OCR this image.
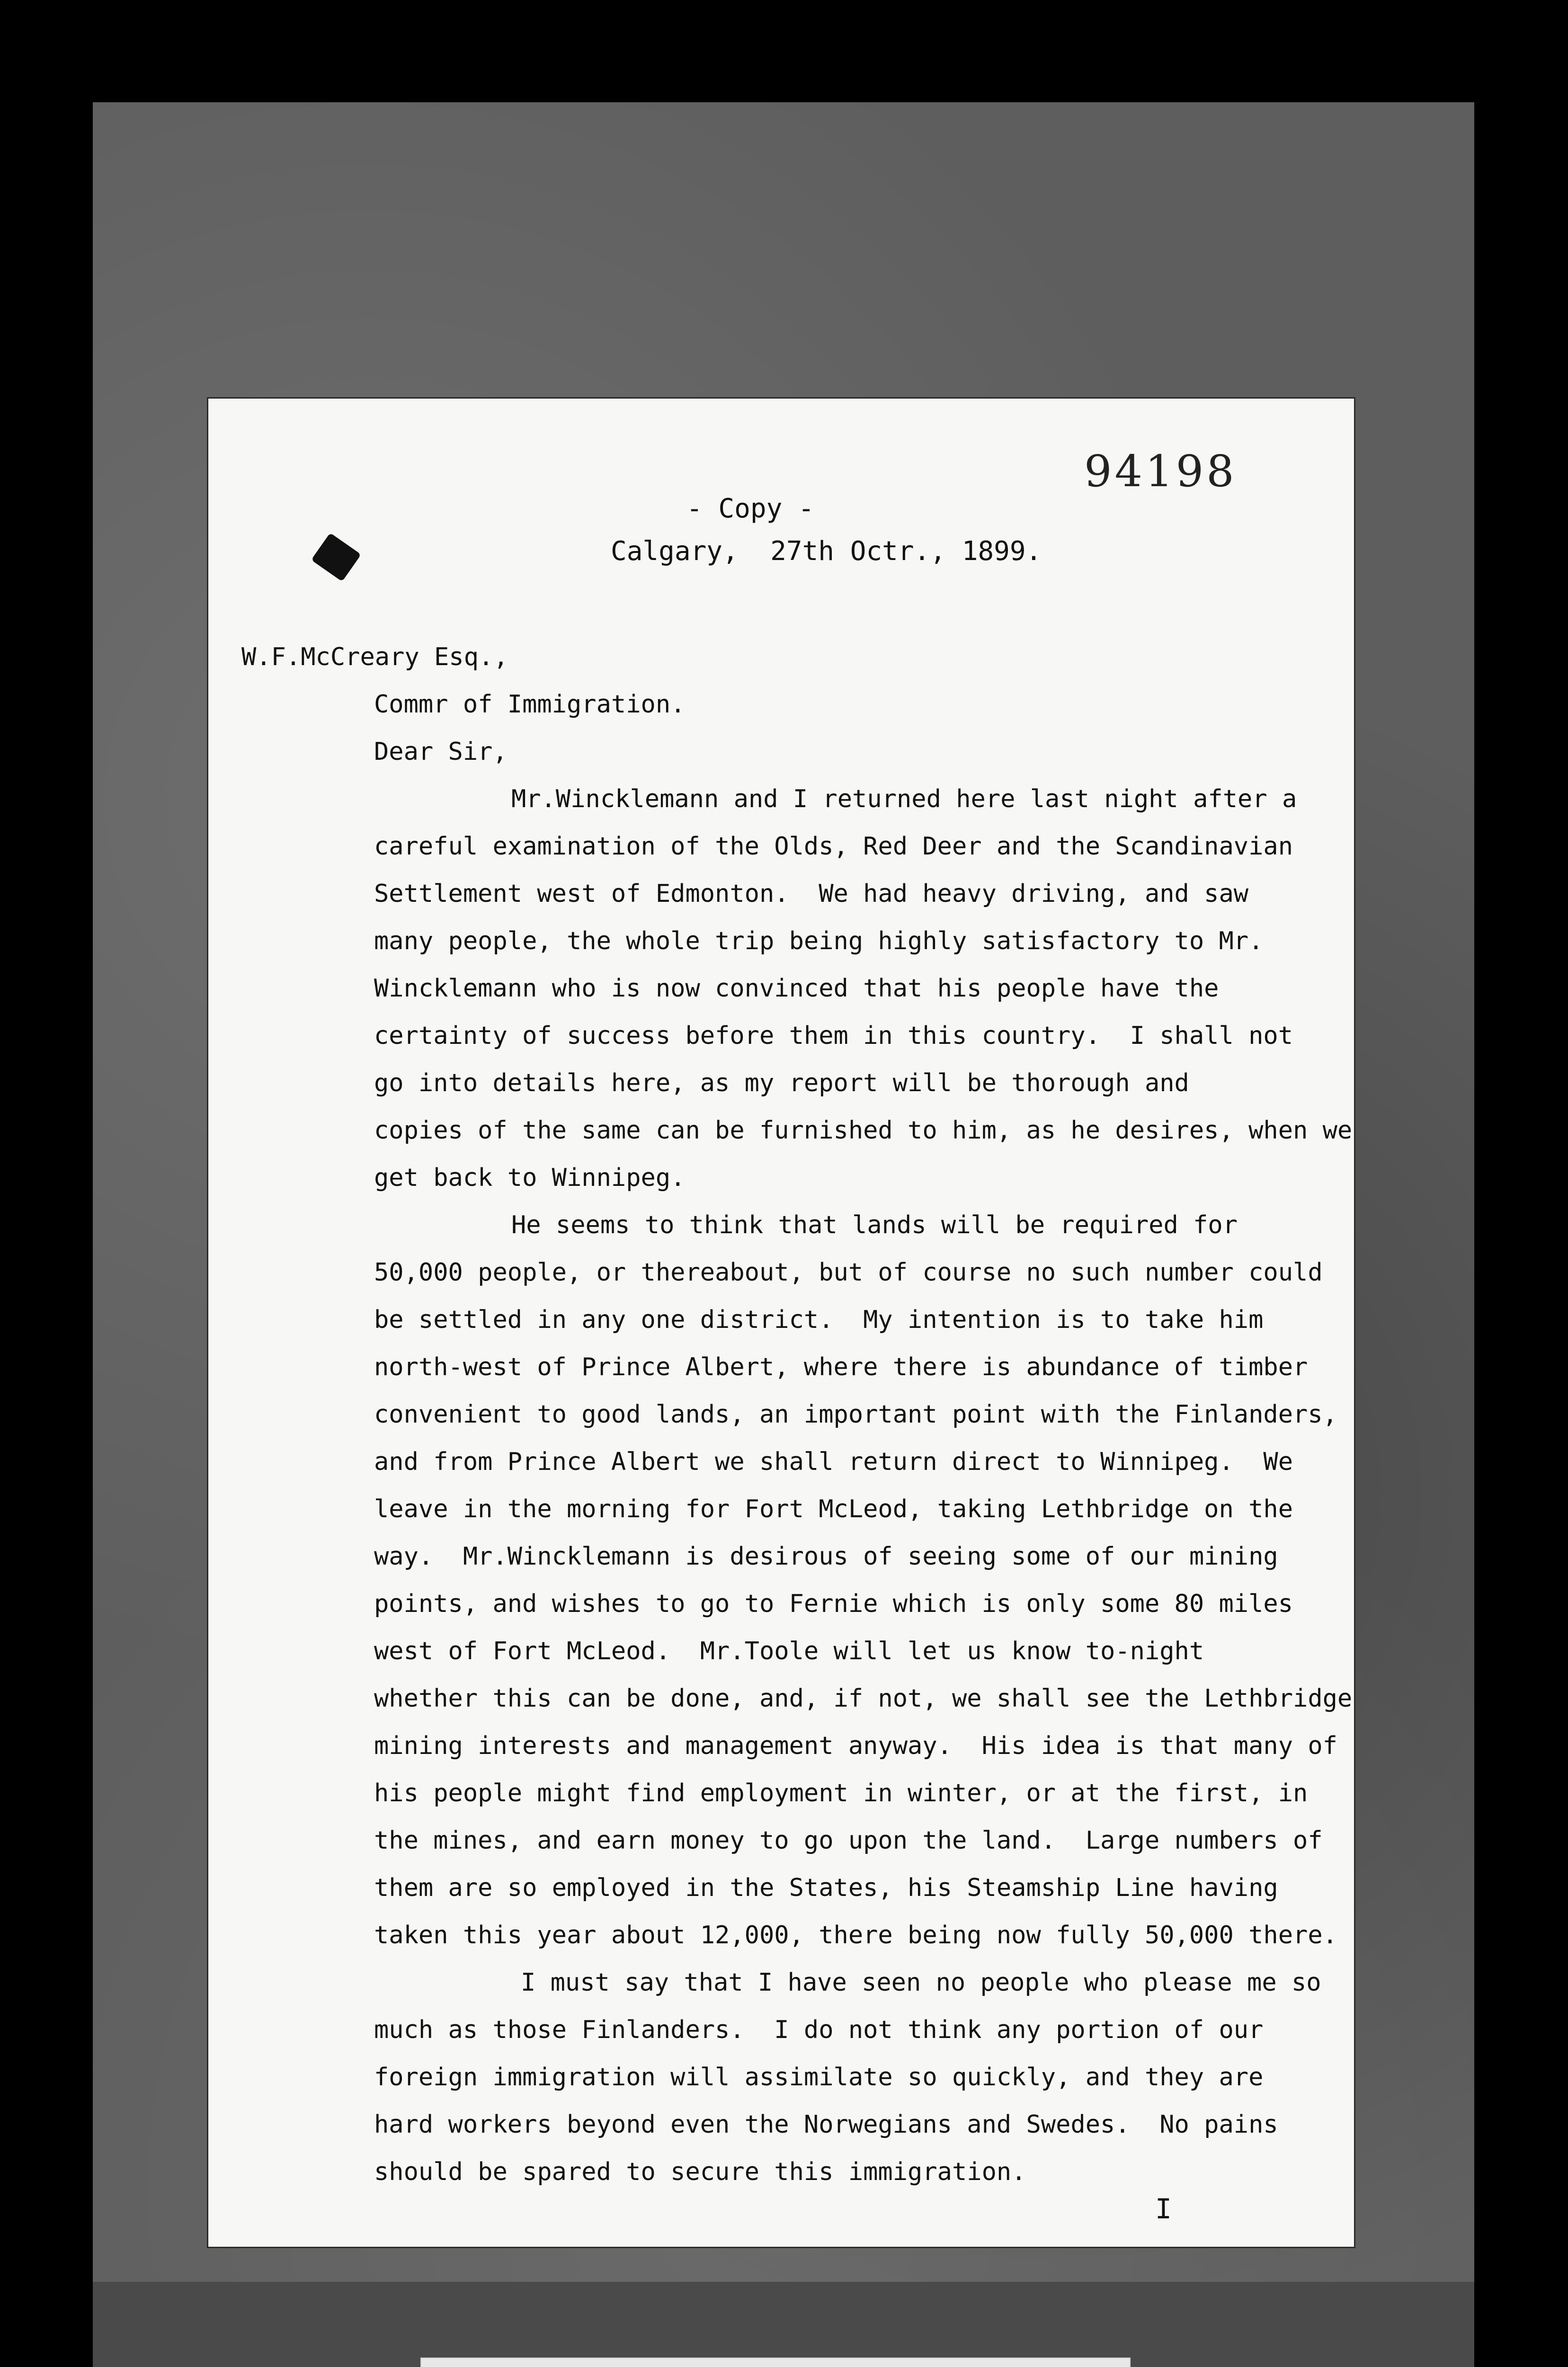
94198
- Copy -
Calgary,  27th Octr., 1899.
W.F.McCreary Esq.,
Commr of Immigration.
Dear Sir,
Mr.Wincklemann and I returned here last night after a
careful examination of the Olds, Red Deer and the Scandinavian
Settlement west of Edmonton.  We had heavy driving, and saw
many people, the whole trip being highly satisfactory to Mr.
Wincklemann who is now convinced that his people have the
certainty of success before them in this country.  I shall not
go into details here, as my report will be thorough and
copies of the same can be furnished to him, as he desires, when we
get back to Winnipeg.
He seems to think that lands will be required for
50,000 people, or thereabout, but of course no such number could
be settled in any one district.  My intention is to take him
north-west of Prince Albert, where there is abundance of timber
convenient to good lands, an important point with the Finlanders,
and from Prince Albert we shall return direct to Winnipeg.  We
leave in the morning for Fort McLeod, taking Lethbridge on the
way.  Mr.Wincklemann is desirous of seeing some of our mining
points, and wishes to go to Fernie which is only some 80 miles
west of Fort McLeod.  Mr.Toole will let us know to-night
whether this can be done, and, if not, we shall see the Lethbridge
mining interests and management anyway.  His idea is that many of
his people might find employment in winter, or at the first, in
the mines, and earn money to go upon the land.  Large numbers of
them are so employed in the States, his Steamship Line having
taken this year about 12,000, there being now fully 50,000 there.
I must say that I have seen no people who please me so
much as those Finlanders.  I do not think any portion of our
foreign immigration will assimilate so quickly, and they are
hard workers beyond even the Norwegians and Swedes.  No pains
should be spared to secure this immigration.
I
